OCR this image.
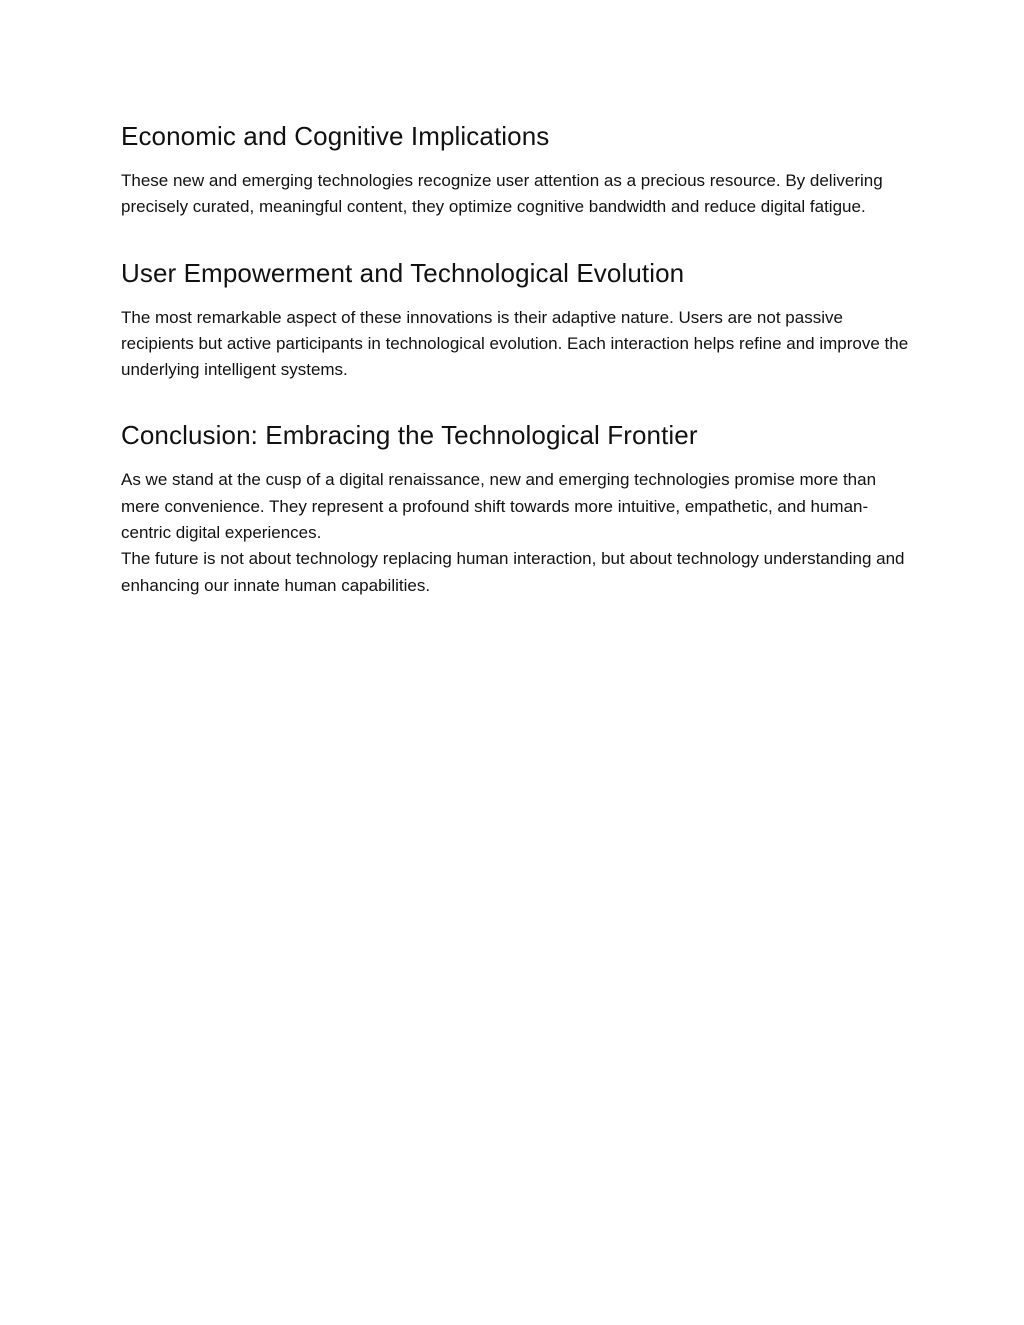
Economic and Cognitive Implications

These new and emerging technologies recognize user attention as a precious resource. By delivering precisely curated, meaningful content, they optimize cognitive bandwidth and reduce digital fatigue.

User Empowerment and Technological Evolution

The most remarkable aspect of these innovations is their adaptive nature. Users are not passive recipients but active participants in technological evolution. Each interaction helps refine and improve the underlying intelligent systems.

Conclusion: Embracing the Technological Frontier

As we stand at the cusp of a digital renaissance, new and emerging technologies promise more than mere convenience. They represent a profound shift towards more intuitive, empathetic, and human-centric digital experiences.

The future is not about technology replacing human interaction, but about technology understanding and enhancing our innate human capabilities.
